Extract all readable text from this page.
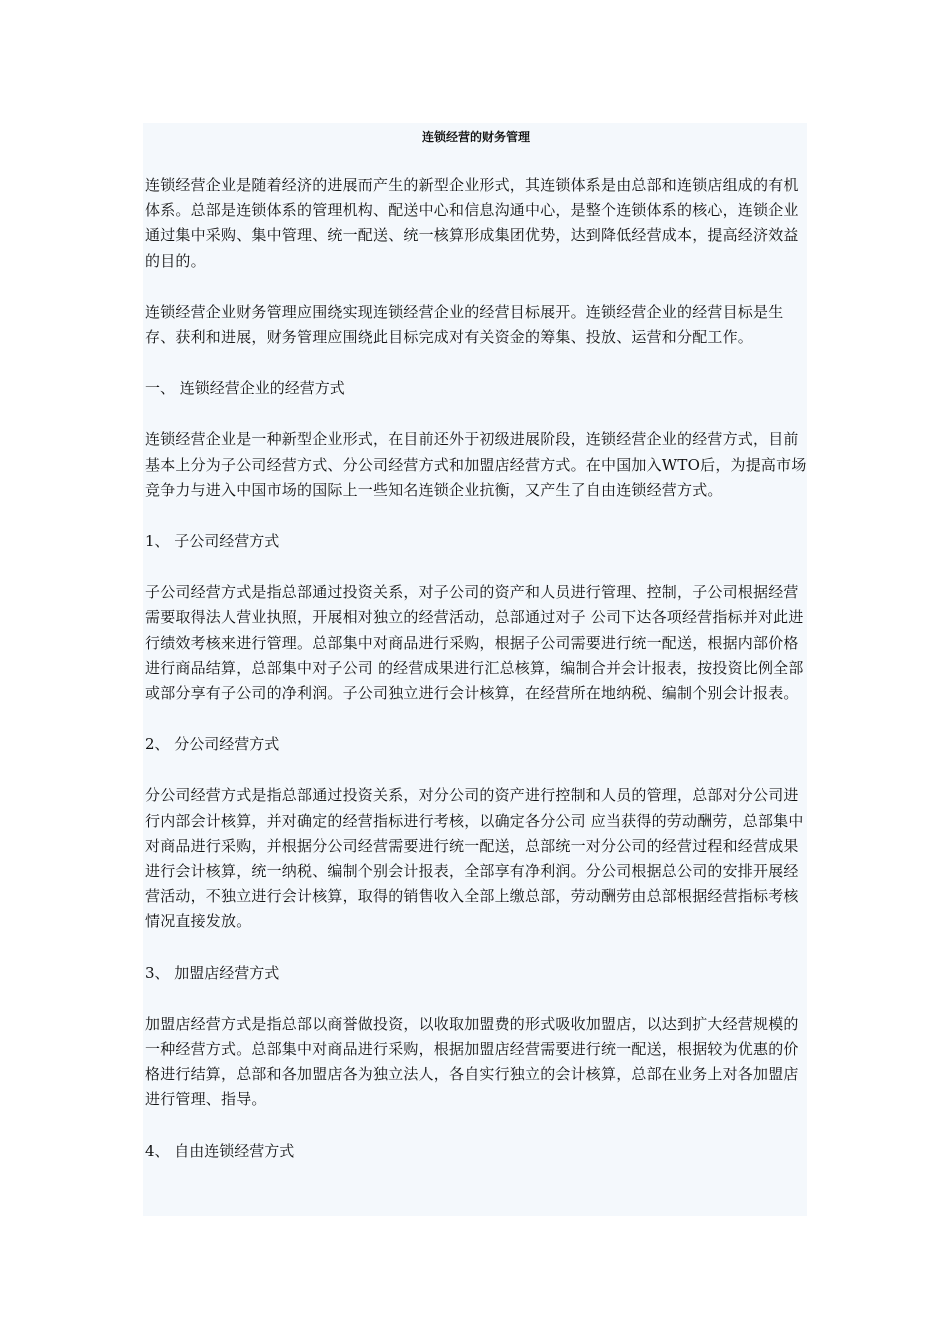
连锁经营的财务管理

连锁经营企业是随着经济的进展而产生的新型企业形式，其连锁体系是由总部和连锁店组成的有机体系。总部是连锁体系的管理机构、配送中心和信息沟通中心，是整个连锁体系的核心，连锁企业通过集中采购、集中管理、统一配送、统一核算形成集团优势，达到降低经营成本，提高经济效益的目的。

连锁经营企业财务管理应围绕实现连锁经营企业的经营目标展开。连锁经营企业的经营目标是生存、获利和进展，财务管理应围绕此目标完成对有关资金的筹集、投放、运营和分配工作。

一、 连锁经营企业的经营方式

连锁经营企业是一种新型企业形式，在目前还外于初级进展阶段，连锁经营企业的经营方式，目前基本上分为子公司经营方式、分公司经营方式和加盟店经营方式。在中国加入WTO后，为提高市场竞争力与进入中国市场的国际上一些知名连锁企业抗衡，又产生了自由连锁经营方式。

1、 子公司经营方式

子公司经营方式是指总部通过投资关系，对子公司的资产和人员进行管理、控制，子公司根据经营需要取得法人营业执照，开展相对独立的经营活动，总部通过对子 公司下达各项经营指标并对此进行绩效考核来进行管理。总部集中对商品进行采购，根据子公司需要进行统一配送，根据内部价格进行商品结算，总部集中对子公司 的经营成果进行汇总核算，编制合并会计报表，按投资比例全部或部分享有子公司的净利润。子公司独立进行会计核算，在经营所在地纳税、编制个别会计报表。

2、 分公司经营方式

分公司经营方式是指总部通过投资关系，对分公司的资产进行控制和人员的管理，总部对分公司进行内部会计核算，并对确定的经营指标进行考核，以确定各分公司 应当获得的劳动酬劳，总部集中对商品进行采购，并根据分公司经营需要进行统一配送，总部统一对分公司的经营过程和经营成果进行会计核算，统一纳税、编制个别会计报表，全部享有净利润。分公司根据总公司的安排开展经营活动，不独立进行会计核算，取得的销售收入全部上缴总部，劳动酬劳由总部根据经营指标考核情况直接发放。

3、 加盟店经营方式

加盟店经营方式是指总部以商誉做投资，以收取加盟费的形式吸收加盟店，以达到扩大经营规模的一种经营方式。总部集中对商品进行采购，根据加盟店经营需要进行统一配送，根据较为优惠的价格进行结算，总部和各加盟店各为独立法人，各自实行独立的会计核算，总部在业务上对各加盟店进行管理、指导。

4、 自由连锁经营方式
